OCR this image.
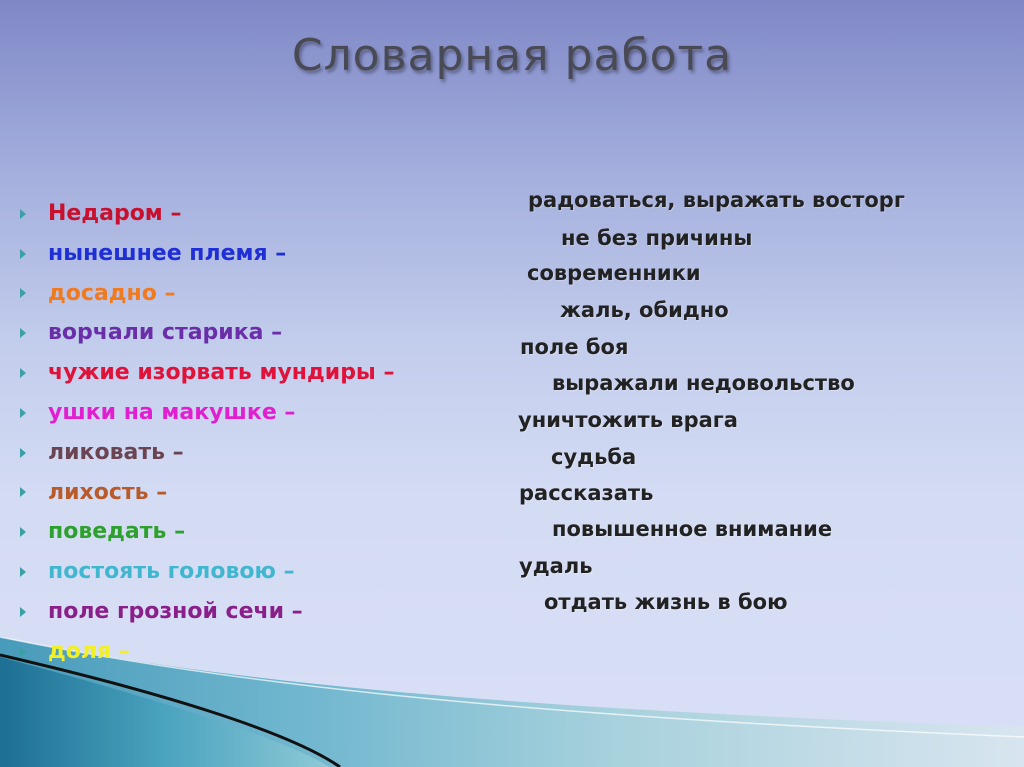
Словарная работа
Недаром –
нынешнее племя –
досадно –
ворчали старика –
чужие изорвать мундиры –
ушки на макушке –
ликовать –
лихость –
поведать –
постоять головою –
поле грозной сечи –
доля –
радоваться, выражать восторг
не без причины
современники
жаль, обидно
поле боя
выражали недовольство
уничтожить врага
судьба
рассказать
повышенное внимание
удаль
отдать жизнь в бою
